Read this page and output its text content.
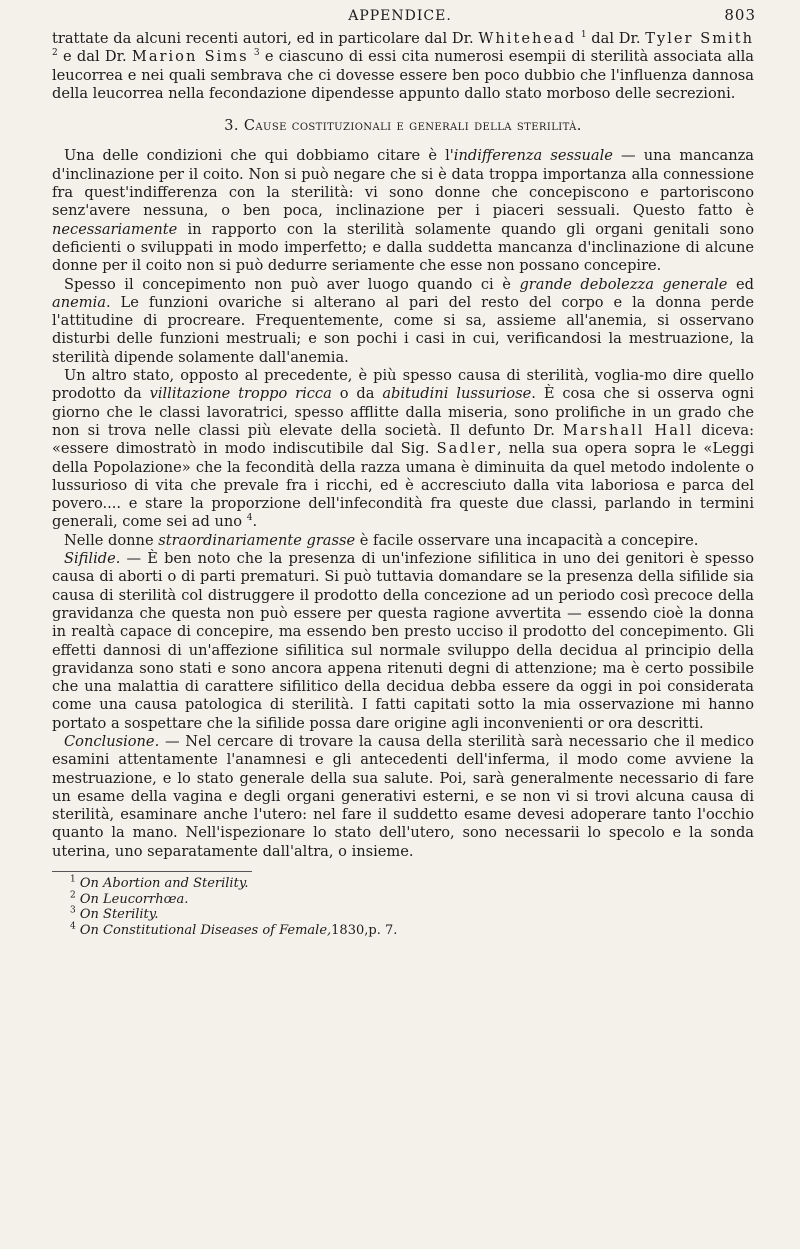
APPENDICE.	803

trattate da alcuni recenti autori, ed in particolare dal Dr. Whitehead $^1$ dal Dr. Tyler Smith $^2$ e dal Dr. Marion Sims $^3$ e ciascuno di essi cita numerosi esempii di sterilità associata alla leucorrea e nei quali sembrava che ci dovesse essere ben poco dubbio che l'influenza dannosa della leucorrea nella fecondazione dipendesse appunto dallo stato morboso delle secrezioni.

3. Cause costituzionali e generali della sterilità.

Una delle condizioni che qui dobbiamo citare è l'indifferenza sessuale — una mancanza d'inclinazione per il coito. Non si può negare che si è data troppa importanza alla connessione fra quest'indifferenza con la sterilità: vi sono donne che concepiscono e partoriscono senz'avere nessuna, o ben poca, inclinazione per i piaceri sessuali. Questo fatto è necessariamente in rapporto con la sterilità solamente quando gli organi genitali sono deficienti o sviluppati in modo imperfetto; e dalla suddetta mancanza d'inclinazione di alcune donne per il coito non si può dedurre seriamente che esse non possano concepire.

Spesso il concepimento non può aver luogo quando ci è grande debolezza generale ed anemia. Le funzioni ovariche si alterano al pari del resto del corpo e la donna perde l'attitudine di procreare. Frequentemente, come si sa, assieme all'anemia, si osservano disturbi delle funzioni mestruali; e son pochi i casi in cui, verificandosi la mestruazione, la sterilità dipende solamente dall'anemia.

Un altro stato, opposto al precedente, è più spesso causa di sterilità, voglia-mo dire quello prodotto da villitazione troppo ricca o da abitudini lussuriose. È cosa che si osserva ogni giorno che le classi lavoratrici, spesso afflitte dalla miseria, sono prolifiche in un grado che non si trova nelle classi più elevate della società. Il defunto Dr. Marshall Hall diceva: «essere dimostratò in modo indiscutibile dal Sig. Sadler, nella sua opera sopra le «Leggi della Popolazione» che la fecondità della razza umana è diminuita da quel metodo indolente o lussurioso di vita che prevale fra i ricchi, ed è accresciuto dalla vita laboriosa e parca del povero.... e stare la proporzione dell'infecondità fra queste due classi, parlando in termini generali, come sei ad uno $^4$.

Nelle donne straordinariamente grasse è facile osservare una incapacità a concepire.

Sifilide. — È ben noto che la presenza di un'infezione sifilitica in uno dei genitori è spesso causa di aborti o di parti prematuri. Si può tuttavia domandare se la presenza della sifilide sia causa di sterilità col distruggere il prodotto della concezione ad un periodo così precoce della gravidanza che questa non può essere per questa ragione avvertita — essendo cioè la donna in realtà capace di concepire, ma essendo ben presto ucciso il prodotto del concepimento. Gli effetti dannosi di un'affezione sifilitica sul normale sviluppo della decidua al principio della gravidanza sono stati e sono ancora appena ritenuti degni di attenzione; ma è certo possibile che una malattia di carattere sifilitico della decidua debba essere da oggi in poi considerata come una causa patologica di sterilità. I fatti capitati sotto la mia osservazione mi hanno portato a sospettare che la sifilide possa dare origine agli inconvenienti or ora descritti.

Conclusione. — Nel cercare di trovare la causa della sterilità sarà necessario che il medico esamini attentamente l'anamnesi e gli antecedenti dell'inferma, il modo come avviene la mestruazione, e lo stato generale della sua salute. Poi, sarà generalmente necessario di fare un esame della vagina e degli organi generativi esterni, e se non vi si trovi alcuna causa di sterilità, esaminare anche l'utero: nel fare il suddetto esame devesi adoperare tanto l'occhio quanto la mano. Nell'ispezionare lo stato dell'utero, sono necessarii lo specolo e la sonda uterina, uno separatamente dall'altra, o insieme.

$^1$ On Abortion and Sterility.
$^2$ On Leucorrhœa.
$^3$ On Sterility.
$^4$ On Constitutional Diseases of Female,1830,p. 7.
